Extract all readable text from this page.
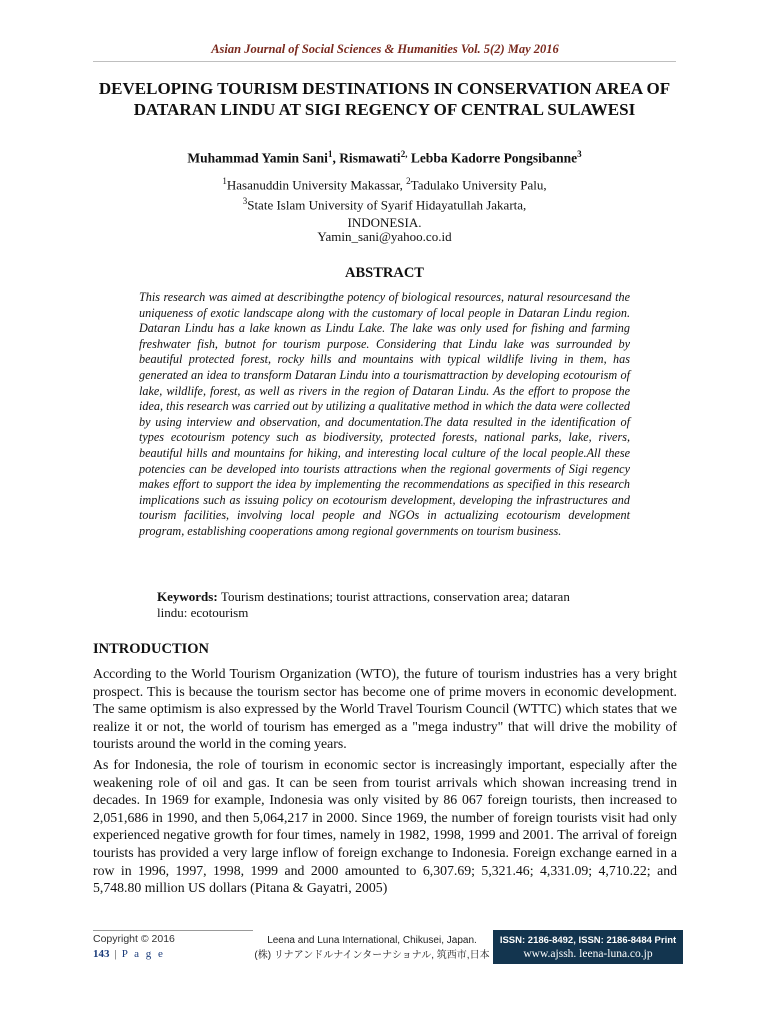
Asian Journal of Social Sciences & Humanities Vol. 5(2) May 2016
DEVELOPING TOURISM DESTINATIONS IN CONSERVATION AREA OF DATARAN LINDU AT SIGI REGENCY OF CENTRAL SULAWESI
Muhammad Yamin Sani$^1$, Rismawati$^{2,}$ Lebba Kadorre Pongsibanne$^3$
$^1$Hasanuddin University Makassar, $^2$Tadulako University Palu,
$^3$State Islam University of Syarif Hidayatullah Jakarta,
INDONESIA.
Yamin_sani@yahoo.co.id
ABSTRACT

This research was aimed at describingthe potency of biological resources, natural resourcesand the uniqueness of exotic landscape along with the customary of local people in Dataran Lindu region. Dataran Lindu has a lake known as Lindu Lake. The lake was only used for fishing and farming freshwater fish, butnot for tourism purpose. Considering that Lindu lake was surrounded by beautiful protected forest, rocky hills and mountains with typical wildlife living in them, has generated an idea to transform Dataran Lindu into a tourismattraction by developing ecotourism of lake, wildlife, forest, as well as rivers in the region of Dataran Lindu. As the effort to propose the idea, this research was carried out by utilizing a qualitative method in which the data were collected by using interview and observation, and documentation.The data resulted in the identification of types ecotourism potency such as biodiversity, protected forests, national parks, lake, rivers, beautiful hills and mountains for hiking, and interesting local culture of the local people.All these potencies can be developed into tourists attractions when the regional goverments of Sigi regency makes effort to support the idea by implementing the recommendations as specified in this research implications such as issuing policy on ecotourism development, developing the infrastructures and tourism facilities, involving local people and NGOs in actualizing ecotourism development program, establishing cooperations among regional governments on tourism business.

Keywords: Tourism destinations; tourist attractions, conservation area; dataran lindu: ecotourism
INTRODUCTION

According to the World Tourism Organization (WTO), the future of tourism industries has a very bright prospect. This is because the tourism sector has become one of prime movers in economic development. The same optimism is also expressed by the World Travel Tourism Council (WTTC) which states that we realize it or not, the world of tourism has emerged as a "mega industry" that will drive the mobility of tourists around the world in the coming years.

As for Indonesia, the role of tourism in economic sector is increasingly important, especially after the weakening role of oil and gas. It can be seen from tourist arrivals which showan increasing trend in decades. In 1969 for example, Indonesia was only visited by 86 067 foreign tourists, then increased to 2,051,686 in 1990, and then 5,064,217 in 2000. Since 1969, the number of foreign tourists visit had only experienced negative growth for four times, namely in 1982, 1998, 1999 and 2001. The arrival of foreign tourists has provided a very large inflow of foreign exchange to Indonesia. Foreign exchange earned in a row in 1996, 1997, 1998, 1999 and 2000 amounted to 6,307.69; 5,321.46; 4,331.09; 4,710.22; and 5,748.80 million US dollars (Pitana & Gayatri, 2005)

Copyright © 2016
143 | P a g e
Leena and Luna International, Chikusei, Japan.
(株) リナアンドルナインターナショナル, 筑西市,日本
ISSN: 2186-8492, ISSN: 2186-8484 Print
www.ajssh. leena-luna.co.jp
